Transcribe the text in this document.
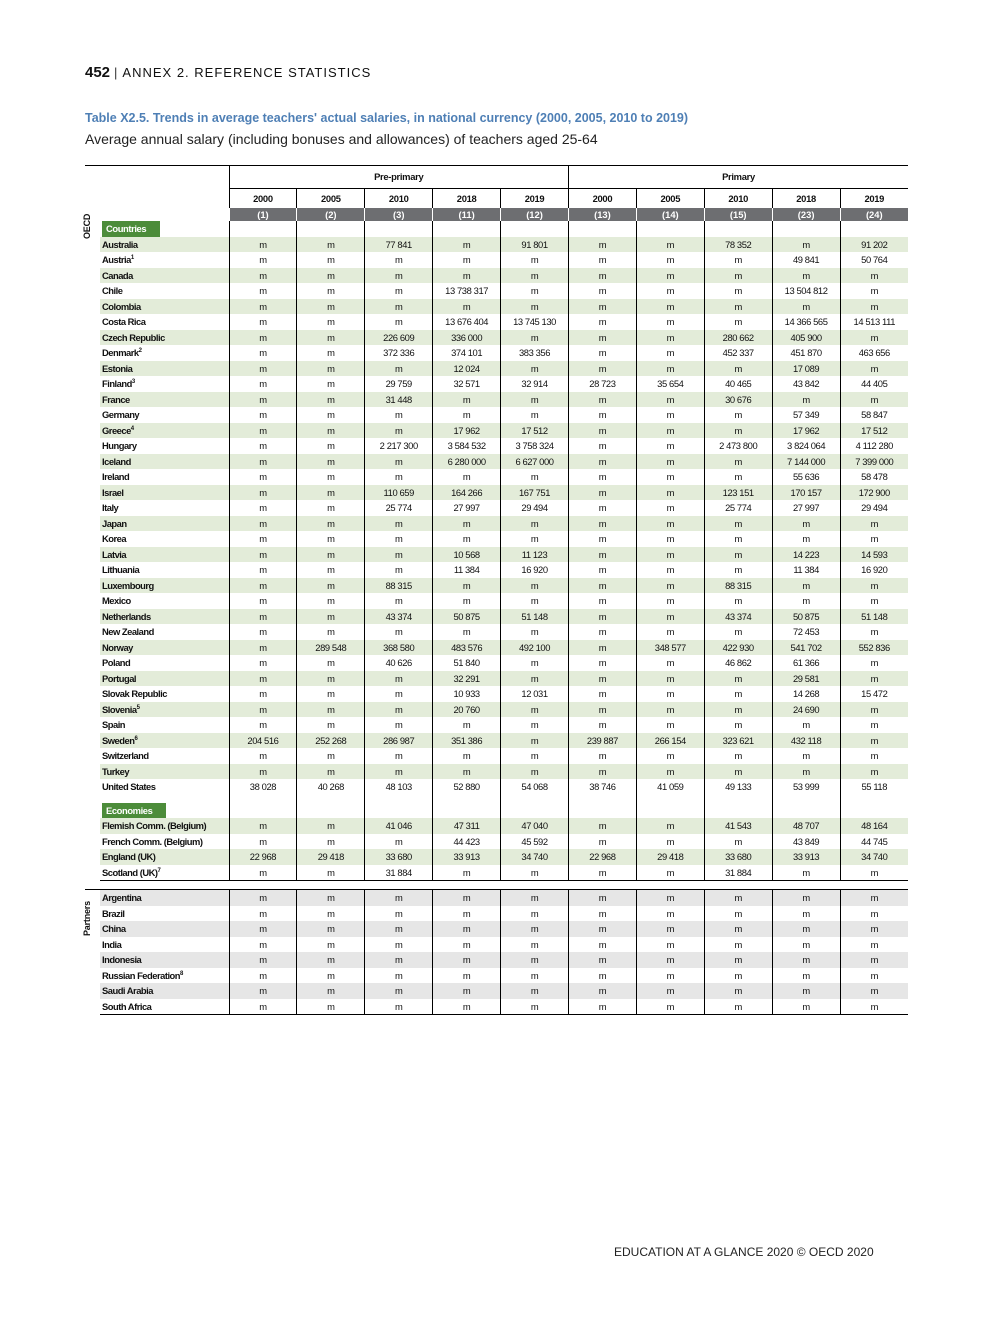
452 | ANNEX 2. REFERENCE STATISTICS
Table X2.5. Trends in average teachers' actual salaries, in national currency (2000, 2005, 2010 to 2019)
Average annual salary (including bonuses and allowances) of teachers aged 25-64
		Pre-primary					Primary				
		2000	2005	2010	2018	2019	2000	2005	2010	2018	2019
		(1)	(2)	(3)	(11)	(12)	(13)	(14)	(15)	(23)	(24)

OECD	Countries										
	Australia	m	m	77 841	m	91 801	m	m	78 352	m	91 202
	Austria$^1$	m	m	m	m	m	m	m	m	49 841	50 764
	Canada	m	m	m	m	m	m	m	m	m	m
	Chile	m	m	m	13 738 317	m	m	m	m	13 504 812	m
	Colombia	m	m	m	m	m	m	m	m	m	m
	Costa Rica	m	m	m	13 676 404	13 745 130	m	m	m	14 366 565	14 513 111
	Czech Republic	m	m	226 609	336 000	m	m	m	280 662	405 900	m
	Denmark$^2$	m	m	372 336	374 101	383 356	m	m	452 337	451 870	463 656
	Estonia	m	m	m	12 024	m	m	m	m	17 089	m
	Finland$^3$	m	m	29 759	32 571	32 914	28 723	35 654	40 465	43 842	44 405
	France	m	m	31 448	m	m	m	m	30 676	m	m
	Germany	m	m	m	m	m	m	m	m	57 349	58 847
	Greece$^4$	m	m	m	17 962	17 512	m	m	m	17 962	17 512
	Hungary	m	m	2 217 300	3 584 532	3 758 324	m	m	2 473 800	3 824 064	4 112 280
	Iceland	m	m	m	6 280 000	6 627 000	m	m	m	7 144 000	7 399 000
	Ireland	m	m	m	m	m	m	m	m	55 636	58 478
	Israel	m	m	110 659	164 266	167 751	m	m	123 151	170 157	172 900
	Italy	m	m	25 774	27 997	29 494	m	m	25 774	27 997	29 494
	Japan	m	m	m	m	m	m	m	m	m	m
	Korea	m	m	m	m	m	m	m	m	m	m
	Latvia	m	m	m	10 568	11 123	m	m	m	14 223	14 593
	Lithuania	m	m	m	11 384	16 920	m	m	m	11 384	16 920
	Luxembourg	m	m	88 315	m	m	m	m	88 315	m	m
	Mexico	m	m	m	m	m	m	m	m	m	m
	Netherlands	m	m	43 374	50 875	51 148	m	m	43 374	50 875	51 148
	New Zealand	m	m	m	m	m	m	m	m	72 453	m
	Norway	m	289 548	368 580	483 576	492 100	m	348 577	422 930	541 702	552 836
	Poland	m	m	40 626	51 840	m	m	m	46 862	61 366	m
	Portugal	m	m	m	32 291	m	m	m	m	29 581	m
	Slovak Republic	m	m	m	10 933	12 031	m	m	m	14 268	15 472
	Slovenia$^5$	m	m	m	20 760	m	m	m	m	24 690	m
	Spain	m	m	m	m	m	m	m	m	m	m
	Sweden$^6$	204 516	252 268	286 987	351 386	m	239 887	266 154	323 621	432 118	m
	Switzerland	m	m	m	m	m	m	m	m	m	m
	Turkey	m	m	m	m	m	m	m	m	m	m
	United States	38 028	40 268	48 103	52 880	54 068	38 746	41 059	49 133	53 999	55 118

	Economies										
	Flemish Comm. (Belgium)	m	m	41 046	47 311	47 040	m	m	41 543	48 707	48 164
	French Comm. (Belgium)	m	m	m	44 423	45 592	m	m	m	43 849	44 745
	England (UK)	22 968	29 418	33 680	33 913	34 740	22 968	29 418	33 680	33 913	34 740
	Scotland (UK)$^7$	m	m	31 884	m	m	m	m	31 884	m	m

Partners	Argentina	m	m	m	m	m	m	m	m	m	m
	Brazil	m	m	m	m	m	m	m	m	m	m
	China	m	m	m	m	m	m	m	m	m	m
	India	m	m	m	m	m	m	m	m	m	m
	Indonesia	m	m	m	m	m	m	m	m	m	m
	Russian Federation$^8$	m	m	m	m	m	m	m	m	m	m
	Saudi Arabia	m	m	m	m	m	m	m	m	m	m
	South Africa	m	m	m	m	m	m	m	m	m	m
EDUCATION AT A GLANCE 2020 © OECD 2020
